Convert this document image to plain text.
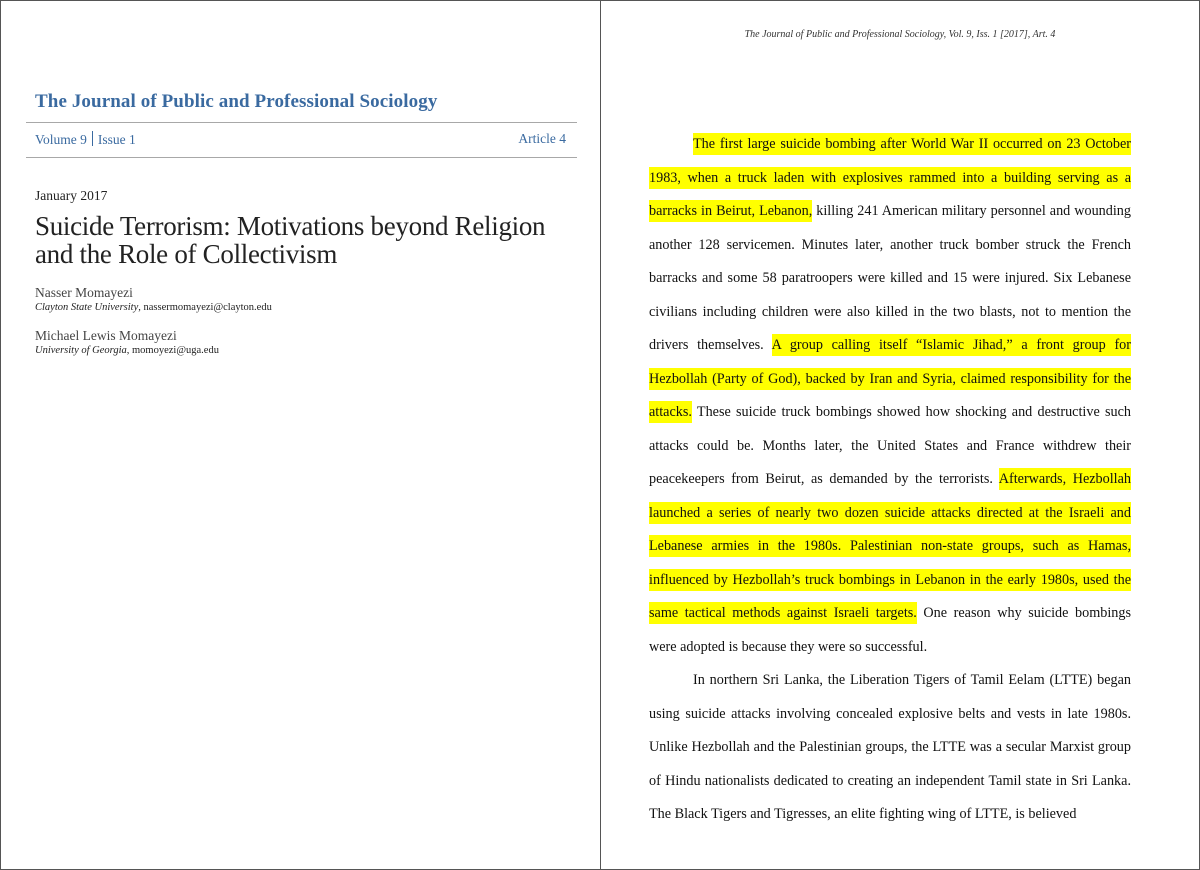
The Journal of Public and Professional Sociology
Volume 9 Issue 1	Article 4
January 2017
Suicide Terrorism: Motivations beyond Religion and the Role of Collectivism
Nasser Momayezi
Clayton State University, nassermomayezi@clayton.edu
Michael Lewis Momayezi
University of Georgia, momoyezi@uga.edu
The Journal of Public and Professional Sociology, Vol. 9, Iss. 1 [2017], Art. 4

The first large suicide bombing after World War II occurred on 23 October 1983, when a truck laden with explosives rammed into a building serving as a barracks in Beirut, Lebanon, killing 241 American military personnel and wounding another 128 servicemen. Minutes later, another truck bomber struck the French barracks and some 58 paratroopers were killed and 15 were injured. Six Lebanese civilians including children were also killed in the two blasts, not to mention the drivers themselves. A group calling itself “Islamic Jihad,” a front group for Hezbollah (Party of God), backed by Iran and Syria, claimed responsibility for the attacks. These suicide truck bombings showed how shocking and destructive such attacks could be. Months later, the United States and France withdrew their peacekeepers from Beirut, as demanded by the terrorists. Afterwards, Hezbollah launched a series of nearly two dozen suicide attacks directed at the Israeli and Lebanese armies in the 1980s. Palestinian non-state groups, such as Hamas, influenced by Hezbollah’s truck bombings in Lebanon in the early 1980s, used the same tactical methods against Israeli targets. One reason why suicide bombings were adopted is because they were so successful.

In northern Sri Lanka, the Liberation Tigers of Tamil Eelam (LTTE) began using suicide attacks involving concealed explosive belts and vests in late 1980s. Unlike Hezbollah and the Palestinian groups, the LTTE was a secular Marxist group of Hindu nationalists dedicated to creating an independent Tamil state in Sri Lanka. The Black Tigers and Tigresses, an elite fighting wing of LTTE, is believed
